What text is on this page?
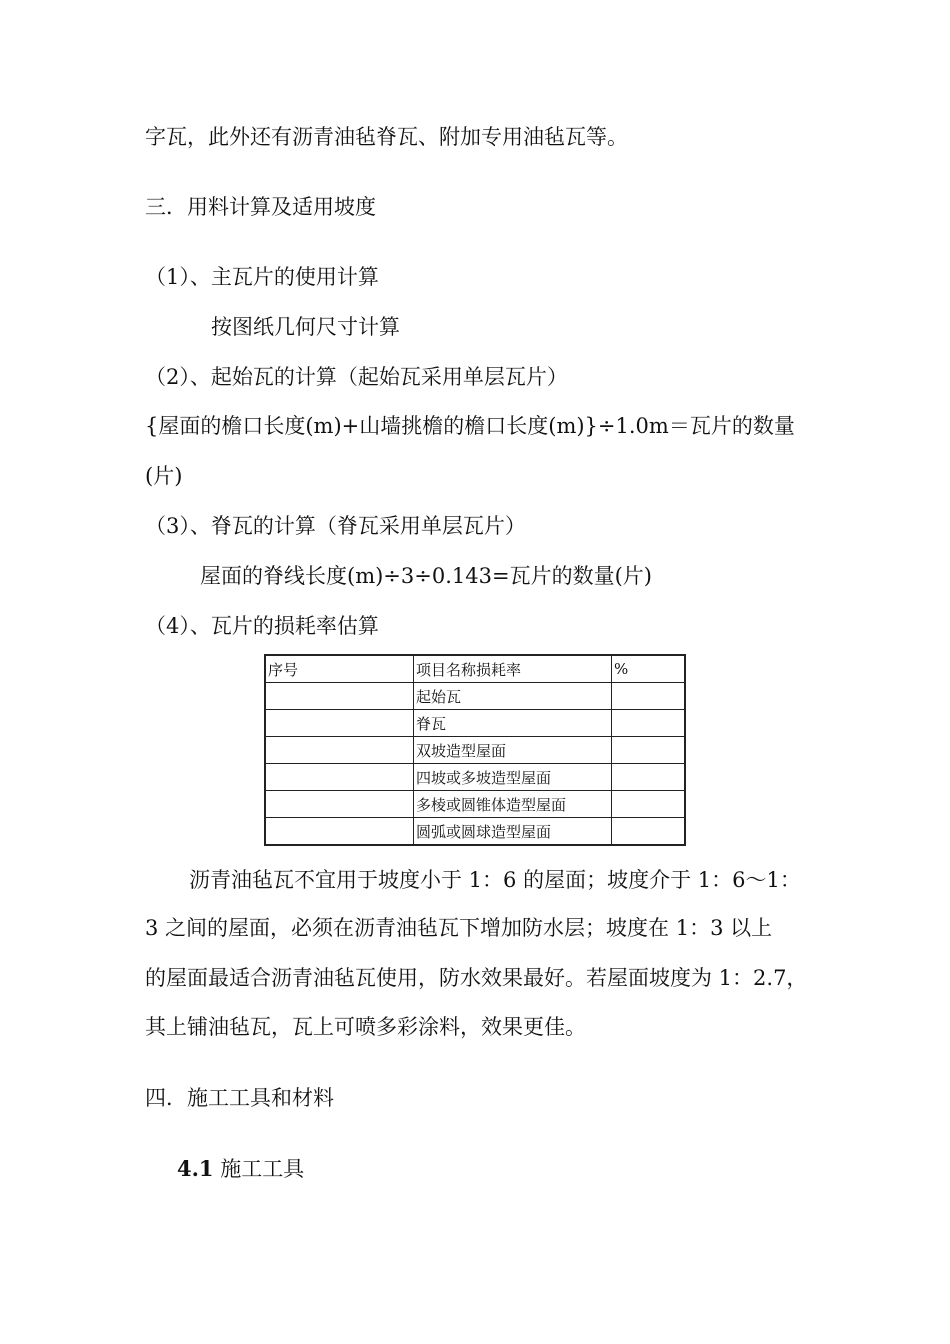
字瓦，此外还有沥青油毡脊瓦、附加专用油毡瓦等。
三．用料计算及适用坡度
（1）、主瓦片的使用计算
按图纸几何尺寸计算
（2）、起始瓦的计算（起始瓦采用单层瓦片）
{屋面的檐口长度(m)+山墙挑檐的檐口长度(m)}÷1.0m＝瓦片的数量
(片)
（3）、脊瓦的计算（脊瓦采用单层瓦片）
屋面的脊线长度(m)÷3÷0.143=瓦片的数量(片)
（4）、瓦片的损耗率估算
序号	项目名称损耗率	%
	起始瓦	
	脊瓦	
	双坡造型屋面	
	四坡或多坡造型屋面	
	多棱或圆锥体造型屋面	
	圆弧或圆球造型屋面	
沥青油毡瓦不宜用于坡度小于 1：6 的屋面；坡度介于 1：6～1：
3 之间的屋面，必须在沥青油毡瓦下增加防水层；坡度在 1：3 以上
的屋面最适合沥青油毡瓦使用，防水效果最好。若屋面坡度为 1：2.7，
其上铺油毡瓦，瓦上可喷多彩涂料，效果更佳。
四．施工工具和材料
4.1 施工工具
